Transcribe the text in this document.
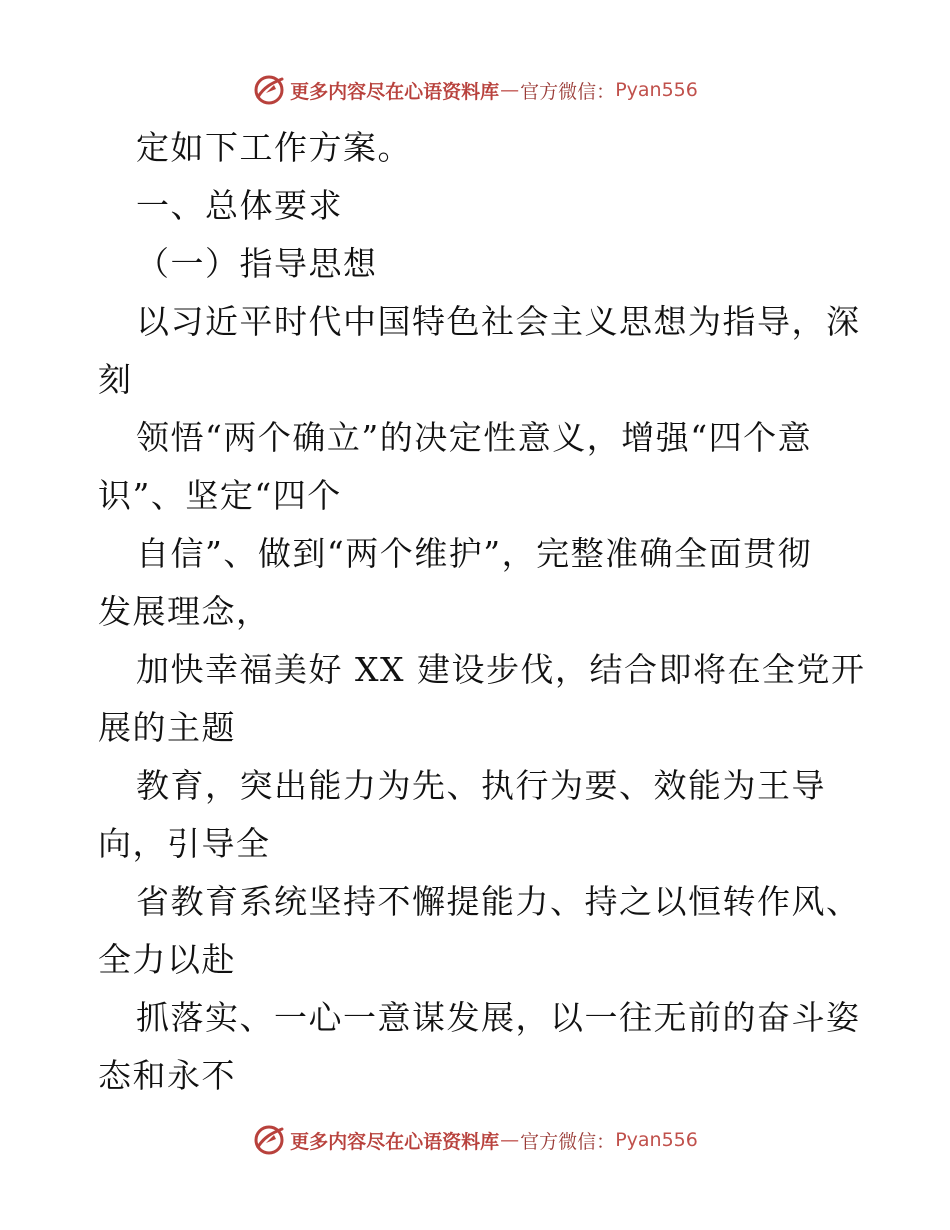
更多内容尽在心语资料库 — 官方微信： Pyan556
定如下工作方案。
一、总体要求
（一）指导思想
以习近平时代中国特色社会主义思想为指导，深
刻
领悟“两个确立”的决定性意义，增强“四个意
识”、坚定“四个
自信”、做到“两个维护”，完整准确全面贯彻
发展理念，
加快幸福美好 XX 建设步伐，结合即将在全党开
展的主题
教育，突出能力为先、执行为要、效能为王导
向，引导全
省教育系统坚持不懈提能力、持之以恒转作风、
全力以赴
抓落实、一心一意谋发展，以一往无前的奋斗姿
态和永不
更多内容尽在心语资料库 — 官方微信： Pyan556
